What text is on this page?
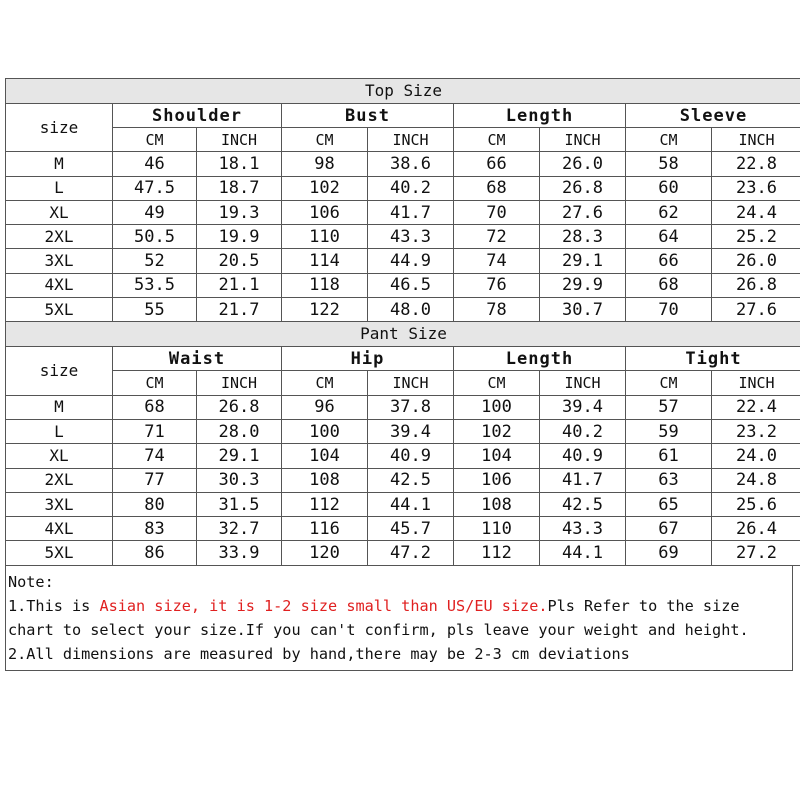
Top Size								
size	Shoulder		Bust		Length		Sleeve	
	CM	INCH	CM	INCH	CM	INCH	CM	INCH
M	46	18.1	98	38.6	66	26.0	58	22.8
L	47.5	18.7	102	40.2	68	26.8	60	23.6
XL	49	19.3	106	41.7	70	27.6	62	24.4
2XL	50.5	19.9	110	43.3	72	28.3	64	25.2
3XL	52	20.5	114	44.9	74	29.1	66	26.0
4XL	53.5	21.1	118	46.5	76	29.9	68	26.8
5XL	55	21.7	122	48.0	78	30.7	70	27.6
Pant Size								
size	Waist		Hip		Length		Tight	
	CM	INCH	CM	INCH	CM	INCH	CM	INCH
M	68	26.8	96	37.8	100	39.4	57	22.4
L	71	28.0	100	39.4	102	40.2	59	23.2
XL	74	29.1	104	40.9	104	40.9	61	24.0
2XL	77	30.3	108	42.5	106	41.7	63	24.8
3XL	80	31.5	112	44.1	108	42.5	65	25.6
4XL	83	32.7	116	45.7	110	43.3	67	26.4
5XL	86	33.9	120	47.2	112	44.1	69	27.2
Note:
1.This is Asian size, it is 1-2 size small than US/EU size.Pls Refer to the size
chart to select your size.If you can't confirm, pls leave your weight and height.
2.All dimensions are measured by hand,there may be 2-3 cm deviations
